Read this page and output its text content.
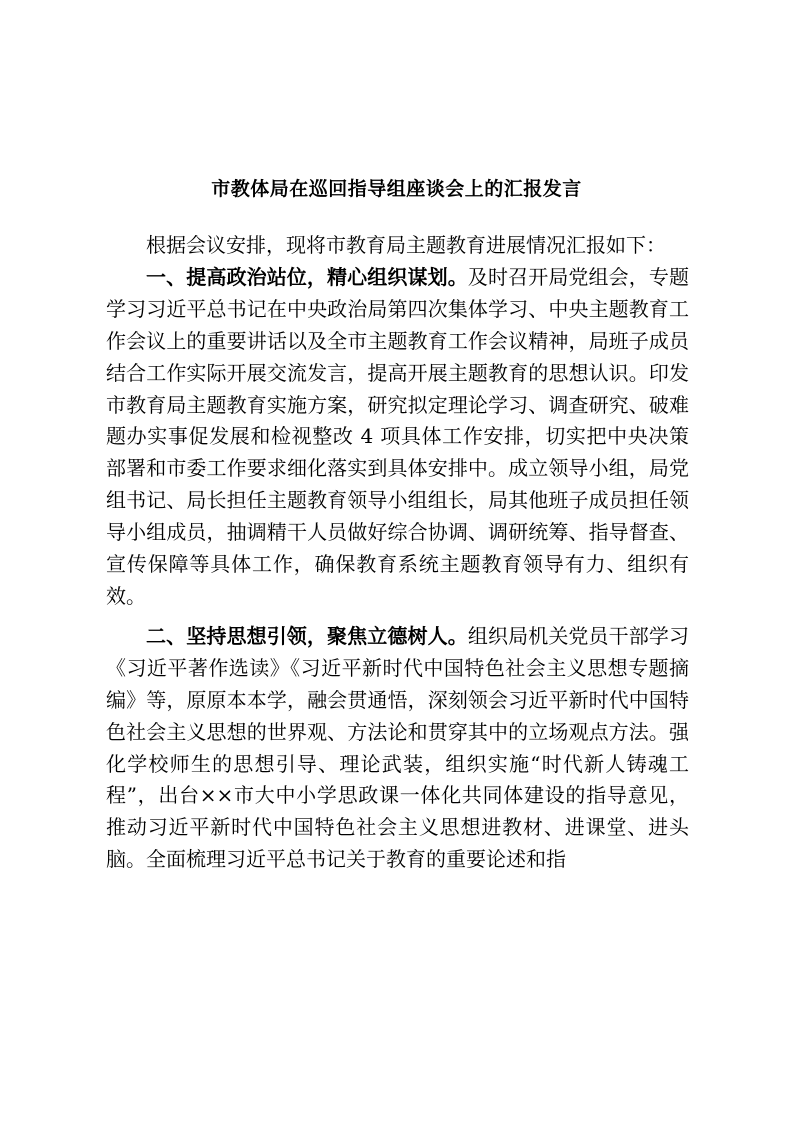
市教体局在巡回指导组座谈会上的汇报发言

根据会议安排，现将市教育局主题教育进展情况汇报如下：

一、提高政治站位，精心组织谋划。及时召开局党组会，专题学习习近平总书记在中央政治局第四次集体学习、中央主题教育工作会议上的重要讲话以及全市主题教育工作会议精神，局班子成员结合工作实际开展交流发言，提高开展主题教育的思想认识。印发市教育局主题教育实施方案，研究拟定理论学习、调查研究、破难题办实事促发展和检视整改 4 项具体工作安排，切实把中央决策部署和市委工作要求细化落实到具体安排中。成立领导小组，局党组书记、局长担任主题教育领导小组组长，局其他班子成员担任领导小组成员，抽调精干人员做好综合协调、调研统筹、指导督查、宣传保障等具体工作，确保教育系统主题教育领导有力、组织有效。

二、坚持思想引领，聚焦立德树人。组织局机关党员干部学习《习近平著作选读》《习近平新时代中国特色社会主义思想专题摘编》等，原原本本学，融会贯通悟，深刻领会习近平新时代中国特色社会主义思想的世界观、方法论和贯穿其中的立场观点方法。强化学校师生的思想引导、理论武装，组织实施“时代新人铸魂工程”，出台××市大中小学思政课一体化共同体建设的指导意见，推动习近平新时代中国特色社会主义思想进教材、进课堂、进头脑。全面梳理习近平总书记关于教育的重要论述和指
